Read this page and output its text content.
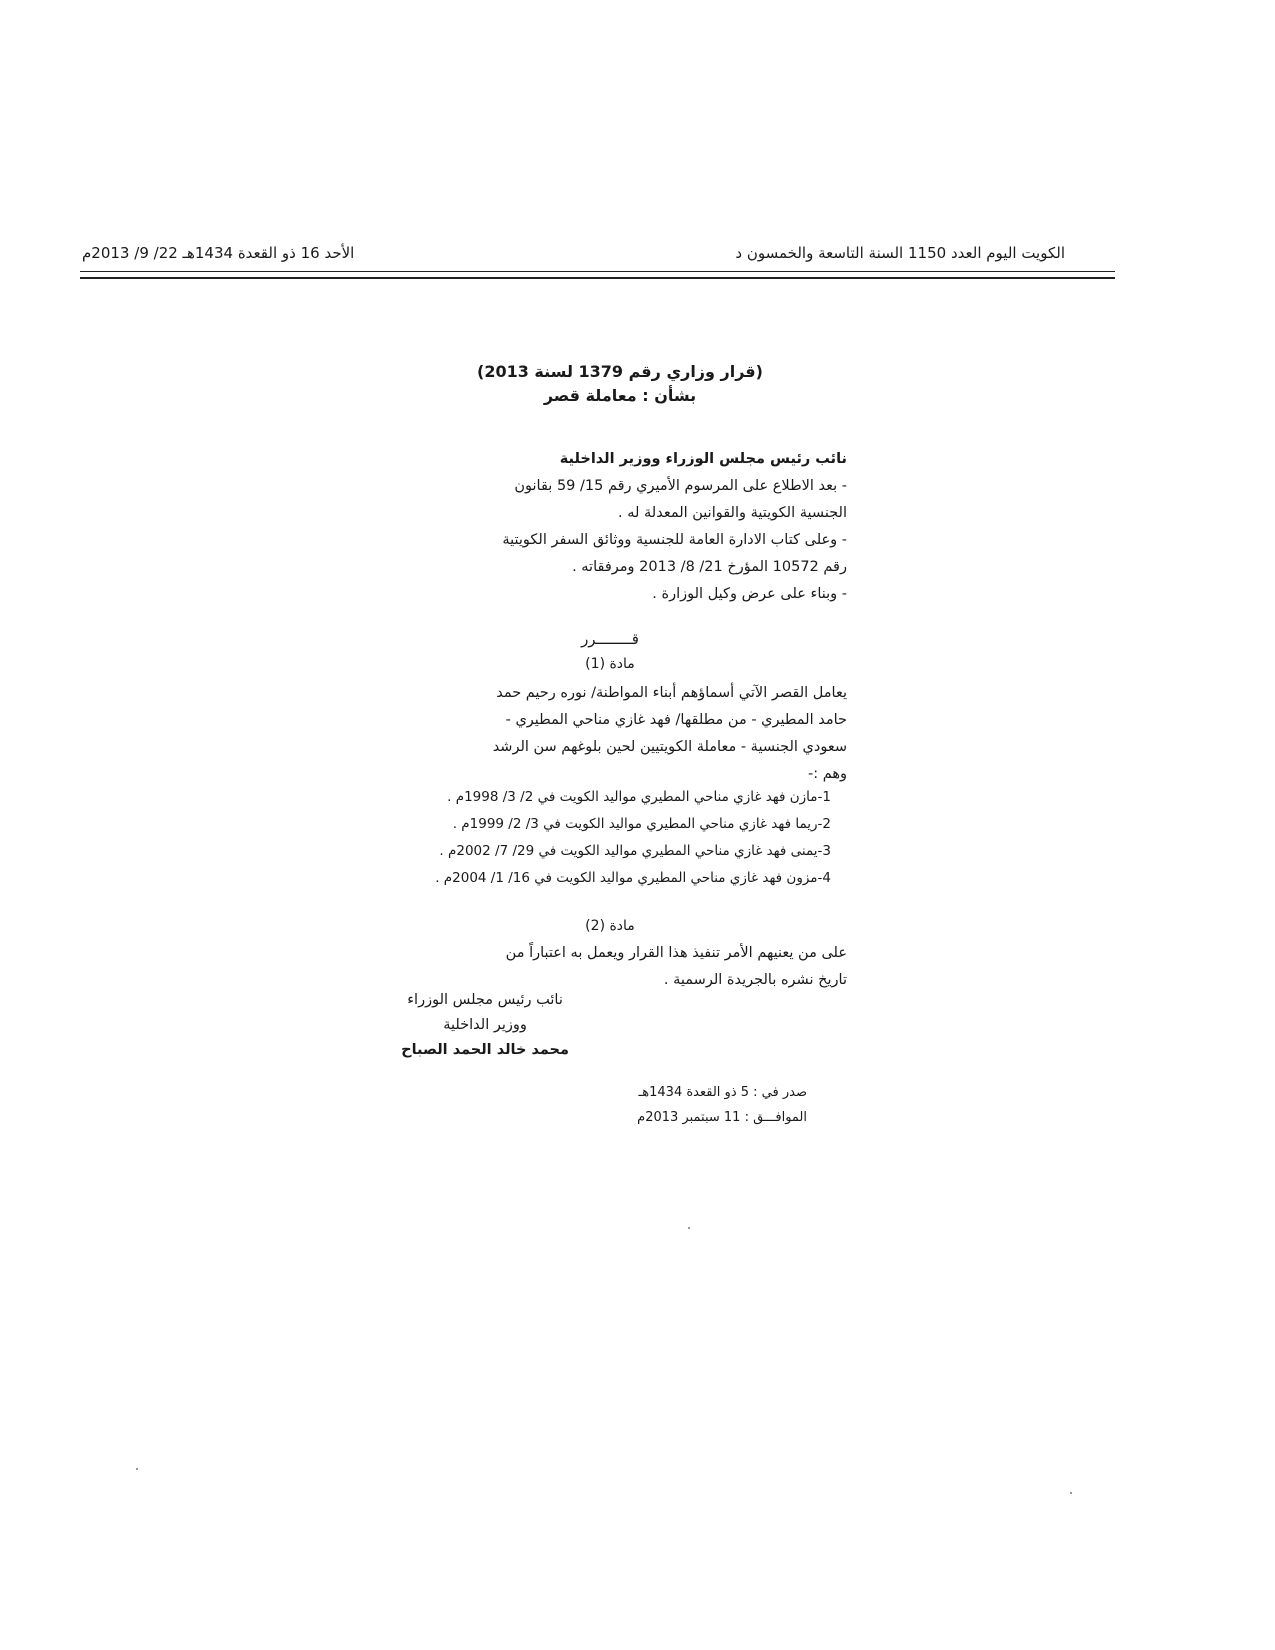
الكويت اليوم العدد 1150 السنة التاسعة والخمسون د
الأحد 16 ذو القعدة 1434هـ 22/ 9/ 2013م
(قرار وزاري رقم 1379 لسنة 2013)
بشأن : معاملة قصر
نائب رئيس مجلس الوزراء ووزير الداخلية
- بعد الاطلاع على المرسوم الأميري رقم 15/ 59 بقانون
الجنسية الكويتية والقوانين المعدلة له .
- وعلى كتاب الادارة العامة للجنسية ووثائق السفر الكويتية
رقم 10572 المؤرخ 21/ 8/ 2013 ومرفقاته .
- وبناء على عرض وكيل الوزارة .
قــــــــرر
مادة (1)
يعامل القصر الآتي أسماؤهم أبناء المواطنة/ نوره رحيم حمد
حامد المطيري - من مطلقها/ فهد غازي مناحي المطيري -
سعودي الجنسية - معاملة الكويتيين لحين بلوغهم سن الرشد
وهم :-
1-مازن فهد غازي مناحي المطيري مواليد الكويت في 2/ 3/ 1998م .
2-ريما فهد غازي مناحي المطيري مواليد الكويت في 3/ 2/ 1999م .
3-يمنى فهد غازي مناحي المطيري مواليد الكويت في 29/ 7/ 2002م .
4-مزون فهد غازي مناحي المطيري مواليد الكويت في 16/ 1/ 2004م .
مادة (2)
على من يعنيهم الأمر تنفيذ هذا القرار ويعمل به اعتباراً من
تاريخ نشره بالجريدة الرسمية .
نائب رئيس مجلس الوزراء
ووزير الداخلية
محمد خالد الحمد الصباح
صدر في : 5 ذو القعدة 1434هـ
الموافـــق : 11 سبتمبر 2013م
